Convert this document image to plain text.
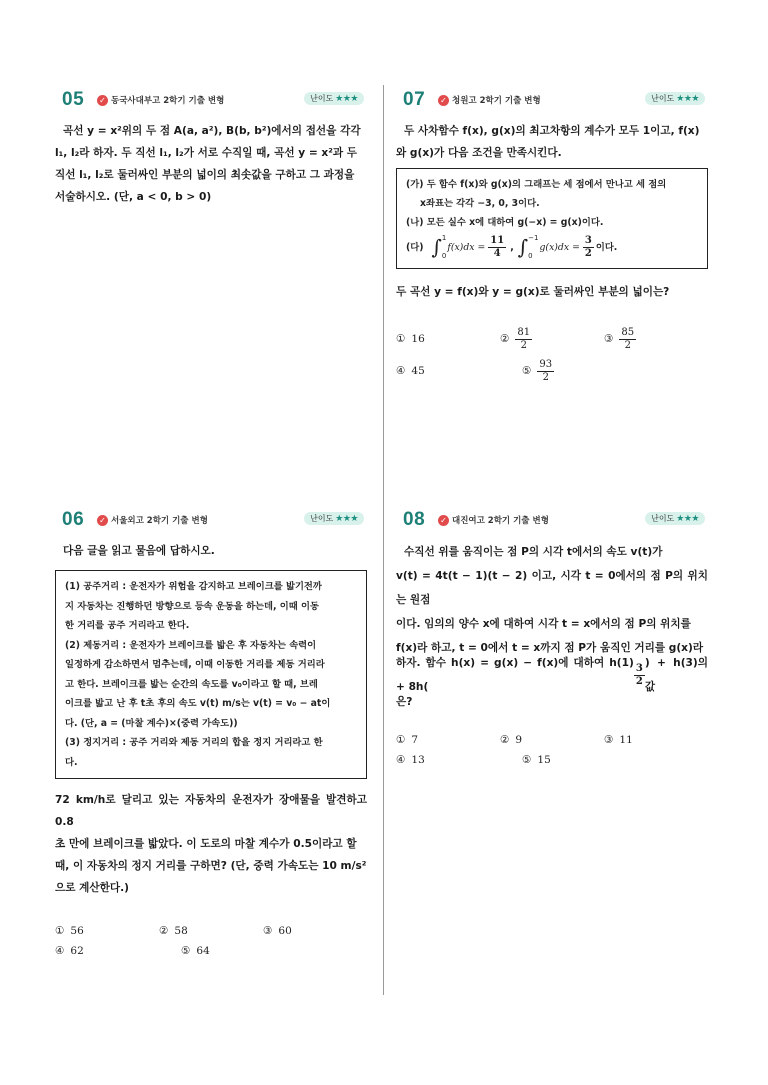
05 ✓ 동국사대부고 2학기 기출 변형	난이도 ★★★
곡선 y = x²위의 두 점 A(a, a²), B(b, b²)에서의 접선을 각각
l₁, l₂라 하자. 두 직선 l₁, l₂가 서로 수직일 때, 곡선 y = x²과 두
직선 l₁, l₂로 둘러싸인 부분의 넓이의 최솟값을 구하고 그 과정을
서술하시오. (단, a < 0, b > 0)
07 ✓ 청원고 2학기 기출 변형	난이도 ★★★
두 사차함수 f(x), g(x)의 최고차항의 계수가 모두 1이고, f(x)
와 g(x)가 다음 조건을 만족시킨다.
(가) 두 함수 f(x)와 g(x)의 그래프는 세 점에서 만나고 세 점의
x좌표는 각각 −3, 0, 3이다.
(나) 모든 실수 x에 대하여 g(−x) = g(x)이다.
(다) ∫ 1
0
$f(x)dx = \frac{11}{4}$ , ∫ −1
0
$g(x)dx = \frac{3}{2}$ 이다.
두 곡선 y = f(x)와 y = g(x)로 둘러싸인 부분의 넓이는?
① 16	② $\frac{81}{2}$	③ $\frac{85}{2}$
④ 45	⑤ $\frac{93}{2}$
06 ✓ 서울외고 2학기 기출 변형	난이도 ★★★
다음 글을 읽고 물음에 답하시오.
(1) 공주거리 : 운전자가 위험을 감지하고 브레이크를 밟기전까
지 자동차는 진행하던 방향으로 등속 운동을 하는데, 이때 이동
한 거리를 공주 거리라고 한다.
(2) 제동거리 : 운전자가 브레이크를 밟은 후 자동차는 속력이
일정하게 감소하면서 멈추는데, 이때 이동한 거리를 제동 거리라
고 한다. 브레이크를 밟는 순간의 속도를 v₀이라고 할 때, 브레
이크를 밟고 난 후 t초 후의 속도 v(t) m/s는 v(t) = v₀ − at이
다. (단, a = (마찰 계수)×(중력 가속도))
(3) 정지거리 : 공주 거리와 제동 거리의 합을 정지 거리라고 한
다.
72 km/h로 달리고 있는 자동차의 운전자가 장애물을 발견하고 0.8
초 만에 브레이크를 밟았다. 이 도로의 마찰 계수가 0.5이라고 할
때, 이 자동차의 정지 거리를 구하면? (단, 중력 가속도는 10 m/s²
으로 계산한다.)
① 56	② 58	③ 60
④ 62	⑤ 64
08 ✓ 대진여고 2학기 기출 변형	난이도 ★★★
수직선 위를 움직이는 점 P의 시각 t에서의 속도 v(t)가
v(t) = 4t(t − 1)(t − 2) 이고, 시각 t = 0에서의 점 P의 위치는 원점
이다. 임의의 양수 x에 대하여 시각 t = x에서의 점 P의 위치를
f(x)라 하고, t = 0에서 t = x까지 점 P가 움직인 거리를 g(x)라
하자. 함수 h(x) = g(x) − f(x)에 대하여 h(1) + 8h(	$\frac{3}{2}$ ) + h(3)의 값
은?
① 7	② 9	③ 11
④ 13	⑤ 15
